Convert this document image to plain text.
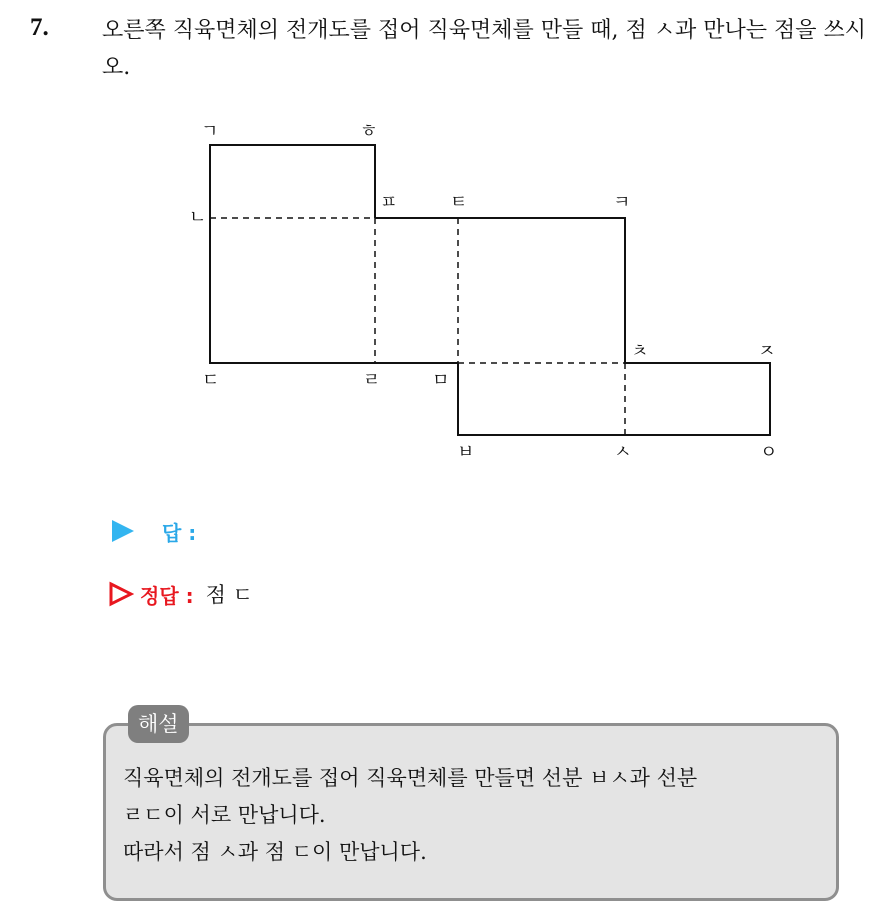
7. 오른쪽 직육면체의 전개도를 접어 직육면체를 만들 때, 점 ㅅ과 만나는 점을 쓰시오.
ㄱ	ㅎ
ㄴ
ㅍ	ㅌ	ㅋ
ㅊ	ㅈ
ㄷ	ㄹ	ㅁ
ㅂ	ㅅ	ㅇ
답 :
정답 : 점 ㄷ
해설
직육면체의 전개도를 접어 직육면체를 만들면 선분 ㅂㅅ과 선분
ㄹㄷ이 서로 만납니다.
따라서 점 ㅅ과 점 ㄷ이 만납니다.
